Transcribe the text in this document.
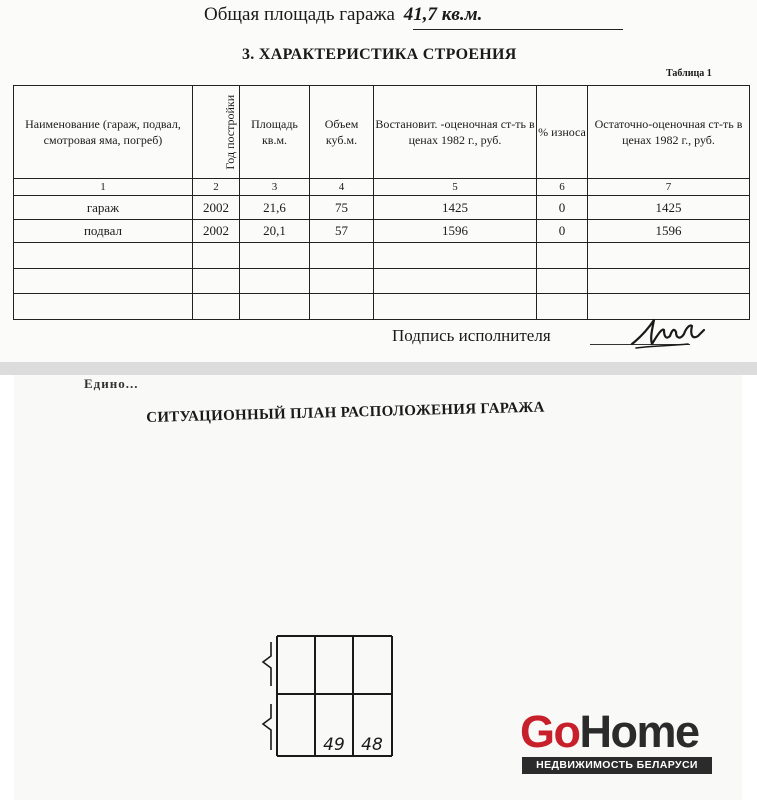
Общая площадь гаража 41,7 кв.м.
3. ХАРАКТЕРИСТИКА СТРОЕНИЯ
Таблица 1
Наименование (гараж, подвал, смотровая яма, погреб)	Год постройки	Площадь кв.м.	Объем куб.м.	Востановит. -оценочная ст-ть в ценах 1982 г., руб.	% износа	Остаточно-оценочная ст-ть в ценах 1982 г., руб.
1	2	3	4	5	6	7
гараж	2002	21,6	75	1425	0	1425
подвал	2002	20,1	57	1596	0	1596

Подпись исполнителя
Едино...
СИТУАЦИОННЫЙ ПЛАН РАСПОЛОЖЕНИЯ ГАРАЖА
49 48	GoHome
НЕДВИЖИМОСТЬ БЕЛАРУСИ
